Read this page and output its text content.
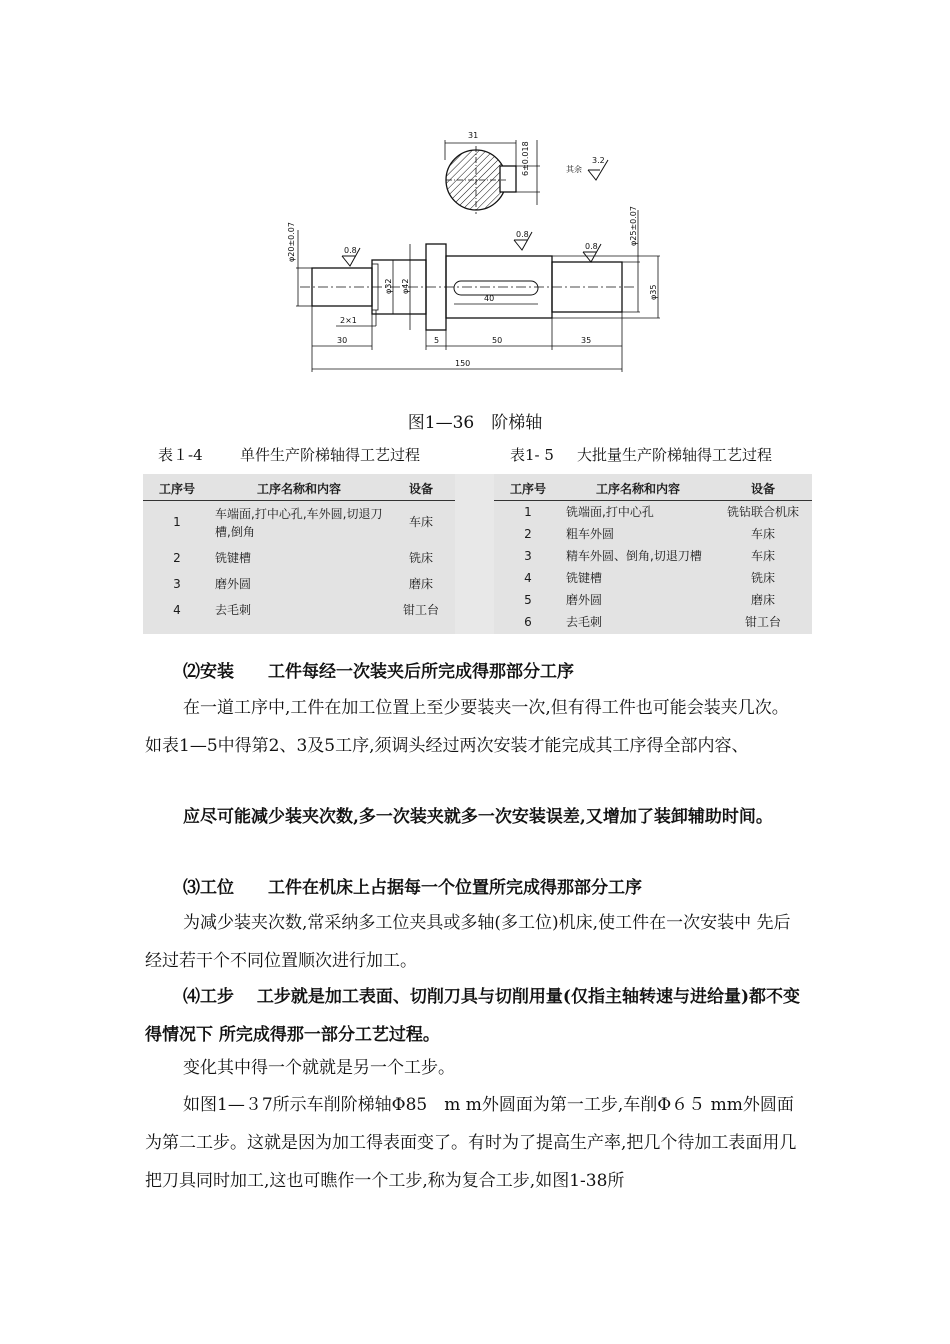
31
6±0.018	其余
3.2
0.8
0.8
0.8
φ20±0.07
φ32 φ42
φ25±0.07
φ35
2×1
40
30	5	50	35
150
图1—36　阶梯轴
表１-4 单件生产阶梯轴得工艺过程	表1- 5 大批量生产阶梯轴得工艺过程
工序号	工序名称和内容	设备
1	车端面,打中心孔,车外圆,切退刀槽,倒角	车床
2	铣键槽	铣床
3	磨外圆	磨床
4	去毛刺	钳工台
工序号	工序名称和内容	设备
1	铣端面,打中心孔	铣钻联合机床
2	粗车外圆	车床
3	精车外圆、倒角,切退刀槽	车床
4	铣键槽	铣床
5	磨外圆	磨床
6	去毛刺	钳工台
⑵安装　　工件每经一次装夹后所完成得那部分工序
在一道工序中,工件在加工位置上至少要装夹一次,但有得工件也可能会装夹几次。如表1—5中得第2、3及5工序,须调头经过两次安装才能完成其工序得全部内容、
应尽可能减少装夹次数,多一次装夹就多一次安装误差,又增加了装卸辅助时间。
⑶工位　　工件在机床上占据每一个位置所完成得那部分工序
为减少装夹次数,常采纳多工位夹具或多轴(多工位)机床,使工件在一次安装中 先后经过若干个不同位置顺次进行加工。
⑷工步　 工步就是加工表面、切削刀具与切削用量(仅指主轴转速与进给量)都不变得情况下 所完成得那一部分工艺过程。
变化其中得一个就就是另一个工步。
如图1—３7所示车削阶梯轴Φ85　m m外圆面为第一工步,车削Φ６５ mm外圆面为第二工步。这就是因为加工得表面变了。有时为了提高生产率,把几个待加工表面用几把刀具同时加工,这也可瞧作一个工步,称为复合工步,如图1-38所
